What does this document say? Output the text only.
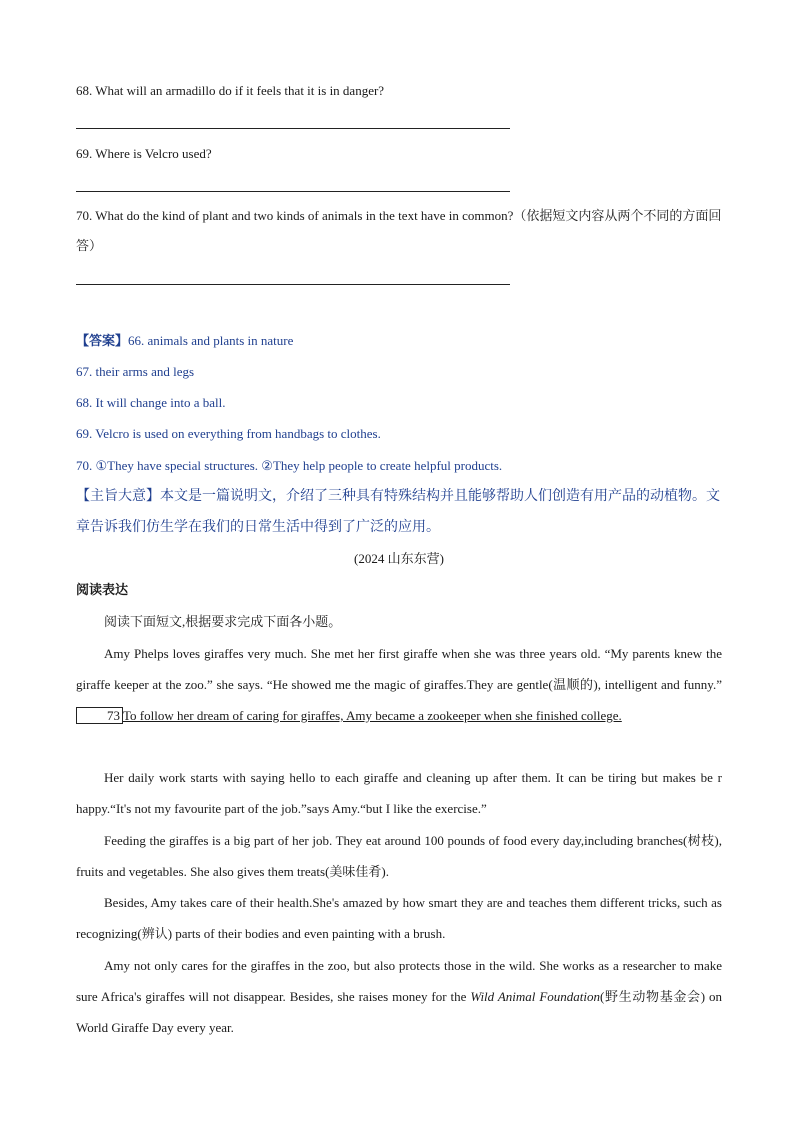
68. What will an armadillo do if it feels that it is in danger?
69. Where is Velcro used?
70. What do the kind of plant and two kinds of animals in the text have in common?（依据短文内容从两个不同的方面回答）
【答案】66. animals and plants in nature
67. their arms and legs
68. It will change into a ball.
69. Velcro is used on everything from handbags to clothes.
70. ①They have special structures. ②They help people to create helpful products.
【主旨大意】本文是一篇说明文，介绍了三种具有特殊结构并且能够帮助人们创造有用产品的动植物。文章告诉我们仿生学在我们的日常生活中得到了广泛的应用。
(2024 山东东营)
阅读表达
阅读下面短文,根据要求完成下面各小题。
Amy Phelps loves giraffes very much. She met her first giraffe when she was three years old. “My parents knew the giraffe keeper at the zoo.” she says. “He showed me the magic of giraffes.They are gentle(温顺的), intelligent and funny.”73 To follow her dream of caring for giraffes, Amy became a zookeeper when she finished college.
Her daily work starts with saying hello to each giraffe and cleaning up after them. It can be tiring but makes be r happy.“It's not my favourite part of the job.”says Amy.“but I like the exercise.”
Feeding the giraffes is a big part of her job. They eat around 100 pounds of food every day,including branches(树枝), fruits and vegetables. She also gives them treats(美味佳肴).
Besides, Amy takes care of their health.She's amazed by how smart they are and teaches them different tricks, such as recognizing(辨认) parts of their bodies and even painting with a brush.
Amy not only cares for the giraffes in the zoo, but also protects those in the wild. She works as a researcher to make sure Africa's giraffes will not disappear. Besides, she raises money for the Wild Animal Foundation(野生动物基金会) on World Giraffe Day every year.
